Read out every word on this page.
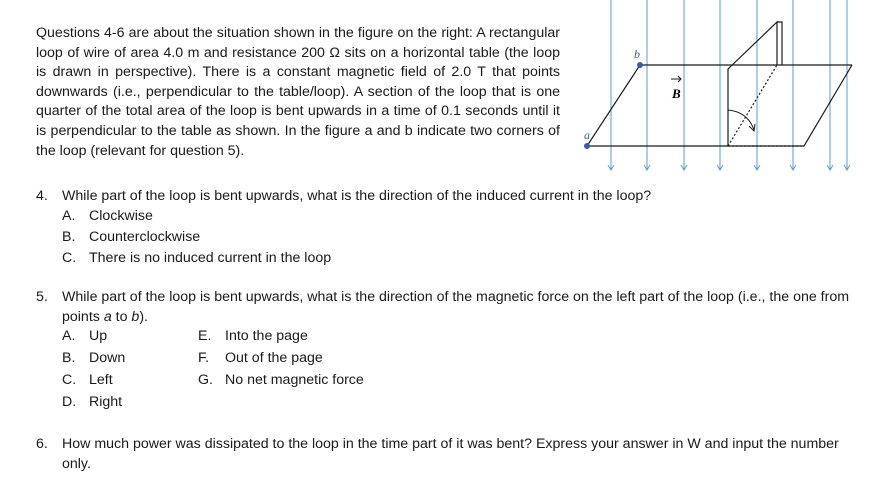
Questions 4-6 are about the situation shown in the figure on the right: A rectangular loop of wire of area 4.0 m and resistance 200 Ω sits on a horizontal table (the loop is drawn in perspective). There is a constant magnetic field of 2.0 T that points downwards (i.e., perpendicular to the table/loop). A section of the loop that is one quarter of the total area of the loop is bent upwards in a time of 0.1 seconds until it is perpendicular to the table as shown. In the figure a and b indicate two corners of the loop (relevant for question 5).
B
a
b
4. While part of the loop is bent upwards, what is the direction of the induced current in the loop?
A. Clockwise
B. Counterclockwise
C. There is no induced current in the loop
5. While part of the loop is bent upwards, what is the direction of the magnetic force on the left part of the loop (i.e., the one from points a to b).
A. Up	E. Into the page
B. Down	F.	Out of the page
C. Left	G. No net magnetic force
D. Right
6. How much power was dissipated to the loop in the time part of it was bent? Express your answer in W and input the number only.
